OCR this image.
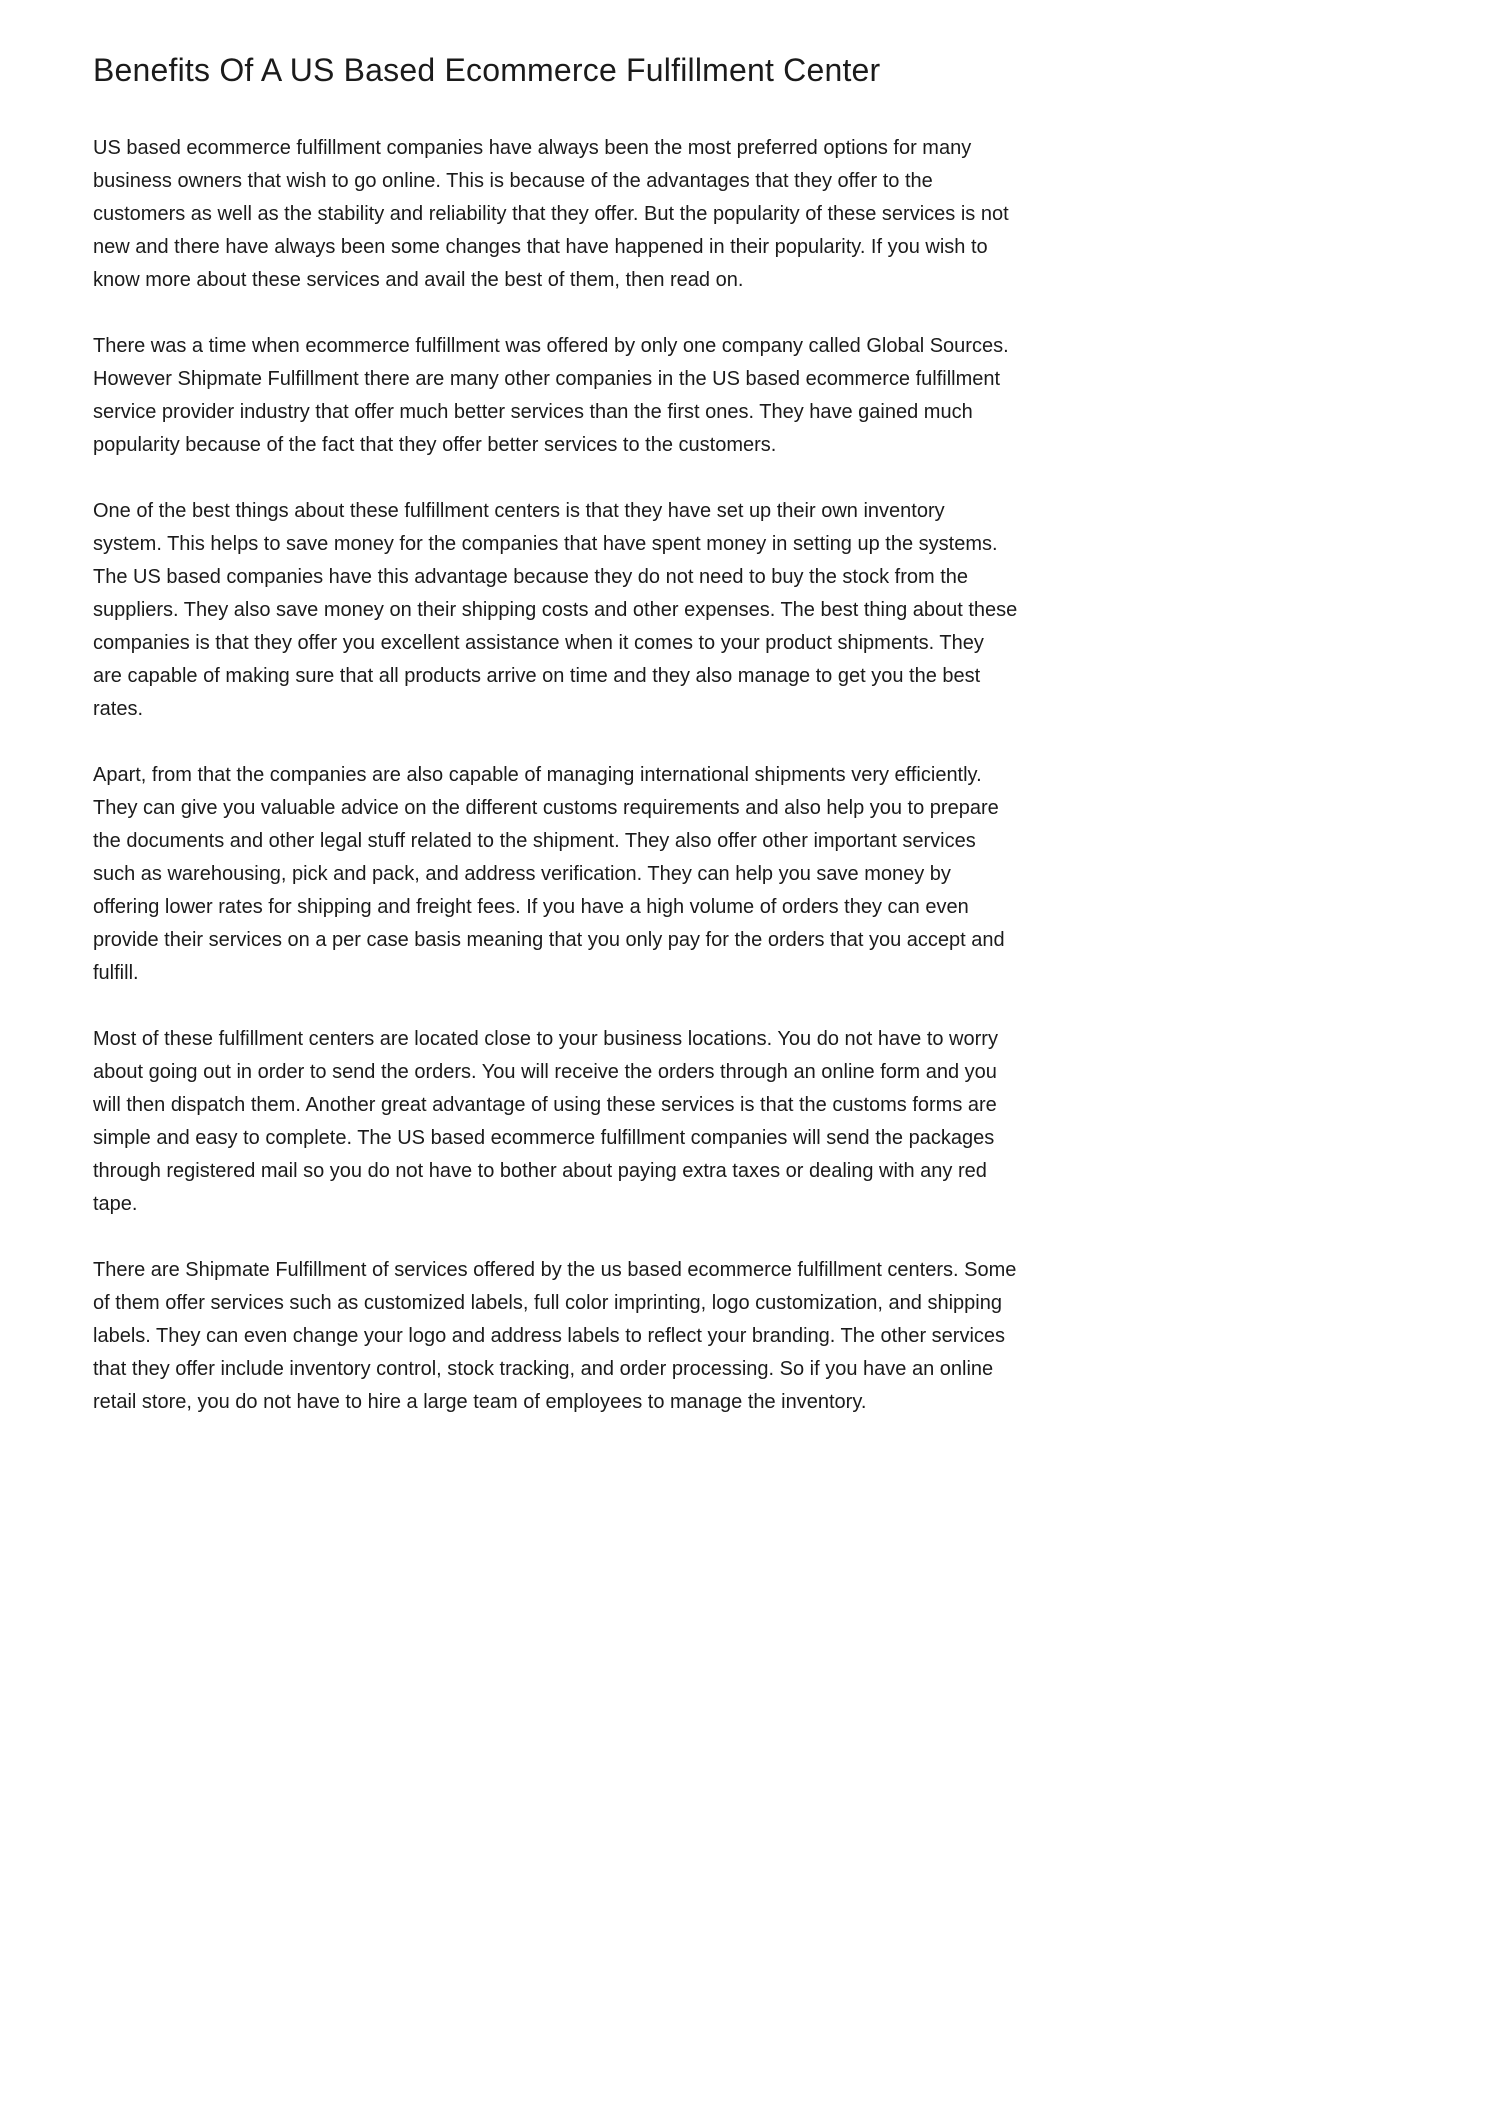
Benefits Of A US Based Ecommerce Fulfillment Center

US based ecommerce fulfillment companies have always been the most preferred options for many business owners that wish to go online. This is because of the advantages that they offer to the customers as well as the stability and reliability that they offer. But the popularity of these services is not new and there have always been some changes that have happened in their popularity. If you wish to know more about these services and avail the best of them, then read on.

There was a time when ecommerce fulfillment was offered by only one company called Global Sources. However Shipmate Fulfillment there are many other companies in the US based ecommerce fulfillment service provider industry that offer much better services than the first ones. They have gained much popularity because of the fact that they offer better services to the customers.

One of the best things about these fulfillment centers is that they have set up their own inventory system. This helps to save money for the companies that have spent money in setting up the systems. The US based companies have this advantage because they do not need to buy the stock from the suppliers. They also save money on their shipping costs and other expenses. The best thing about these companies is that they offer you excellent assistance when it comes to your product shipments. They are capable of making sure that all products arrive on time and they also manage to get you the best rates.

Apart, from that the companies are also capable of managing international shipments very efficiently. They can give you valuable advice on the different customs requirements and also help you to prepare the documents and other legal stuff related to the shipment. They also offer other important services such as warehousing, pick and pack, and address verification. They can help you save money by offering lower rates for shipping and freight fees. If you have a high volume of orders they can even provide their services on a per case basis meaning that you only pay for the orders that you accept and fulfill.

Most of these fulfillment centers are located close to your business locations. You do not have to worry about going out in order to send the orders. You will receive the orders through an online form and you will then dispatch them. Another great advantage of using these services is that the customs forms are simple and easy to complete. The US based ecommerce fulfillment companies will send the packages through registered mail so you do not have to bother about paying extra taxes or dealing with any red tape.

There are Shipmate Fulfillment of services offered by the us based ecommerce fulfillment centers. Some of them offer services such as customized labels, full color imprinting, logo customization, and shipping labels. They can even change your logo and address labels to reflect your branding. The other services that they offer include inventory control, stock tracking, and order processing. So if you have an online retail store, you do not have to hire a large team of employees to manage the inventory.
